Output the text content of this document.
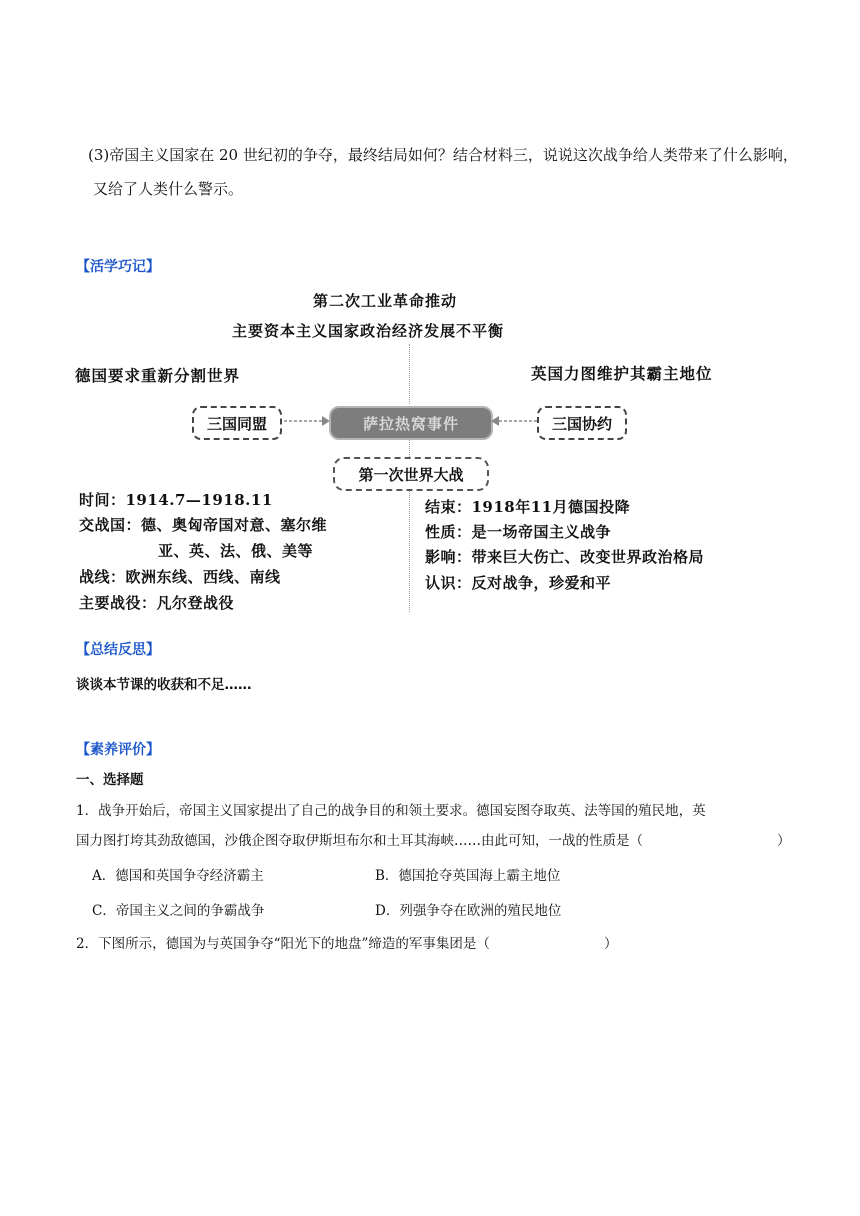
(3)帝国主义国家在 20 世纪初的争夺，最终结局如何？结合材料三，说说这次战争给人类带来了什么影响，
又给了人类什么警示。
【活学巧记】
第二次工业革命推动
主要资本主义国家政治经济发展不平衡
德国要求重新分割世界	英国力图维护其霸主地位
三国同盟	萨拉热窝事件	三国协约
第一次世界大战
时间：1914.7—1918.11
交战国：德、奥匈帝国对意、塞尔维
亚、英、法、俄、美等
战线：欧洲东线、西线、南线
主要战役：凡尔登战役
结束：1918年11月德国投降
性质：是一场帝国主义战争
影响：带来巨大伤亡、改变世界政治格局
认识：反对战争，珍爱和平
【总结反思】
谈谈本节课的收获和不足……
【素养评价】
一、选择题
1．战争开始后，帝国主义国家提出了自己的战争目的和领土要求。德国妄图夺取英、法等国的殖民地，英
国力图打垮其劲敌德国，沙俄企图夺取伊斯坦布尔和土耳其海峡……由此可知，一战的性质是（	）
A．德国和英国争夺经济霸主	B．德国抢夺英国海上霸主地位
C．帝国主义之间的争霸战争	D．列强争夺在欧洲的殖民地位
2．下图所示，德国为与英国争夺“阳光下的地盘”缔造的军事集团是（	）
